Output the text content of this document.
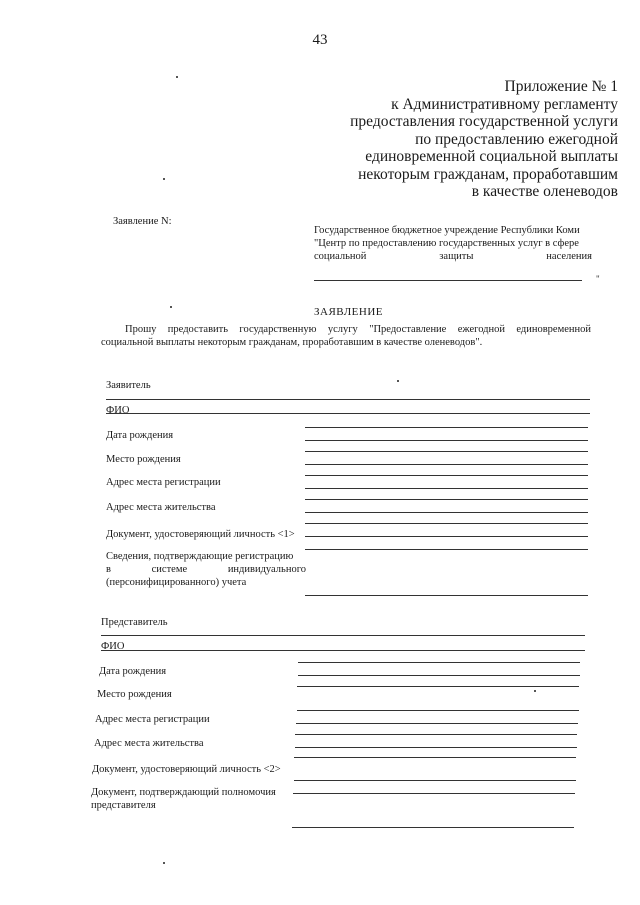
43
Приложение № 1
к Административному регламенту
предоставления государственной услуги
по предоставлению ежегодной
единовременной социальной выплаты
некоторым гражданам, проработавшим
в качестве оленеводов
Заявление N:
Государственное бюджетное учреждение Республики Коми
"Центр по предоставлению государственных услуг в сфере
социальной	защиты	населения
"
ЗАЯВЛЕНИЕ
Прошу предоставить государственную услугу "Предоставление ежегодной единовременной социальной выплаты некоторым гражданам, проработавшим в качестве оленеводов".
Заявитель
ФИО
Дата рождения
Место рождения
Адрес места регистрации
Адрес места жительства
Документ, удостоверяющий личность <1>
Сведения, подтверждающие регистрацию
в	системе	индивидуального
(персонифицированного) учета
Представитель
ФИО
Дата рождения
Место рождения
Адрес места регистрации
Адрес места жительства
Документ, удостоверяющий личность <2>
Документ, подтверждающий полномочия
представителя
